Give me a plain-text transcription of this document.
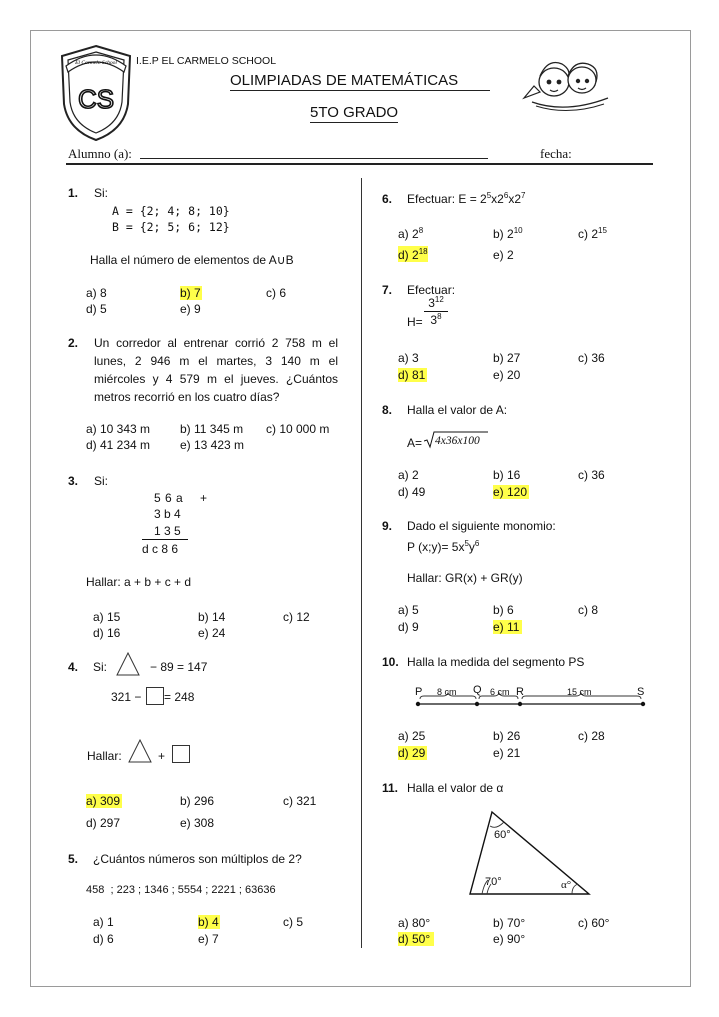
El Carmelo School
CS
I.E.P EL CARMELO SCHOOL
OLIMPIADAS DE MATEMÁTICAS
5TO GRADO
Alumno (a):	fecha:
1. Si:
A = {2; 4; 8; 10}
B = {2; 5; 6; 12}
Halla el número de elementos de A∪B
a) 8	b) 7	c) 6
d) 5	e) 9
2. Un corredor al entrenar corrió 2 758 m el
lunes, 2 946 m el martes, 3 140 m el
miércoles y 4 579 m el jueves. ¿Cuántos
metros recorrió en los cuatro días?
a) 10 343 m b) 11 345 m c) 10 000 m
d) 41 234 m e) 13 423 m
3. Si:
5 6 a +
3 b 4
1 3 5
d c 8 6
Hallar: a + b + c + d
a) 15	b) 14	c) 12
d) 16	e) 24
4. Si:	− 89 = 147
321 − = 248
Hallar:	+
a) 309	b) 296	c) 321
d) 297	e) 308
5. ¿Cuántos números son múltiplos de 2?
458  ; 223 ; 1346 ; 5554 ; 2221 ; 63636
a) 1	b) 4	c) 5
d) 6	e) 7
6. Efectuar: $E = 2^5x2^6x2^7$
a) $2^8$	b) $2^{10}$	c) $2^{15}$
d) $2^{18}$	e) 2
7. Efectuar:
$H= \frac{3^{12}}{3^8}$
a) 3	b) 27	c) 36
d) 81	e) 20
8. Halla el valor de A:
A= 4x36x100
a) 2	b) 16	c) 36
d) 49	e) 120
9. Dado el siguiente monomio:
P (x;y)= $5x^5y^6$
Hallar: GR(x) + GR(y)
a) 5	b) 6	c) 8
d) 9	e) 11
10. Halla la medida del segmento PS
P 8 cm Q 6 cm R	15 cm	S
a) 25	b) 26	c) 28
d) 29	e) 21
11. Halla el valor de α
60°
70°	α°
a) 80°	b) 70°	c) 60°
d) 50°	e) 90°
